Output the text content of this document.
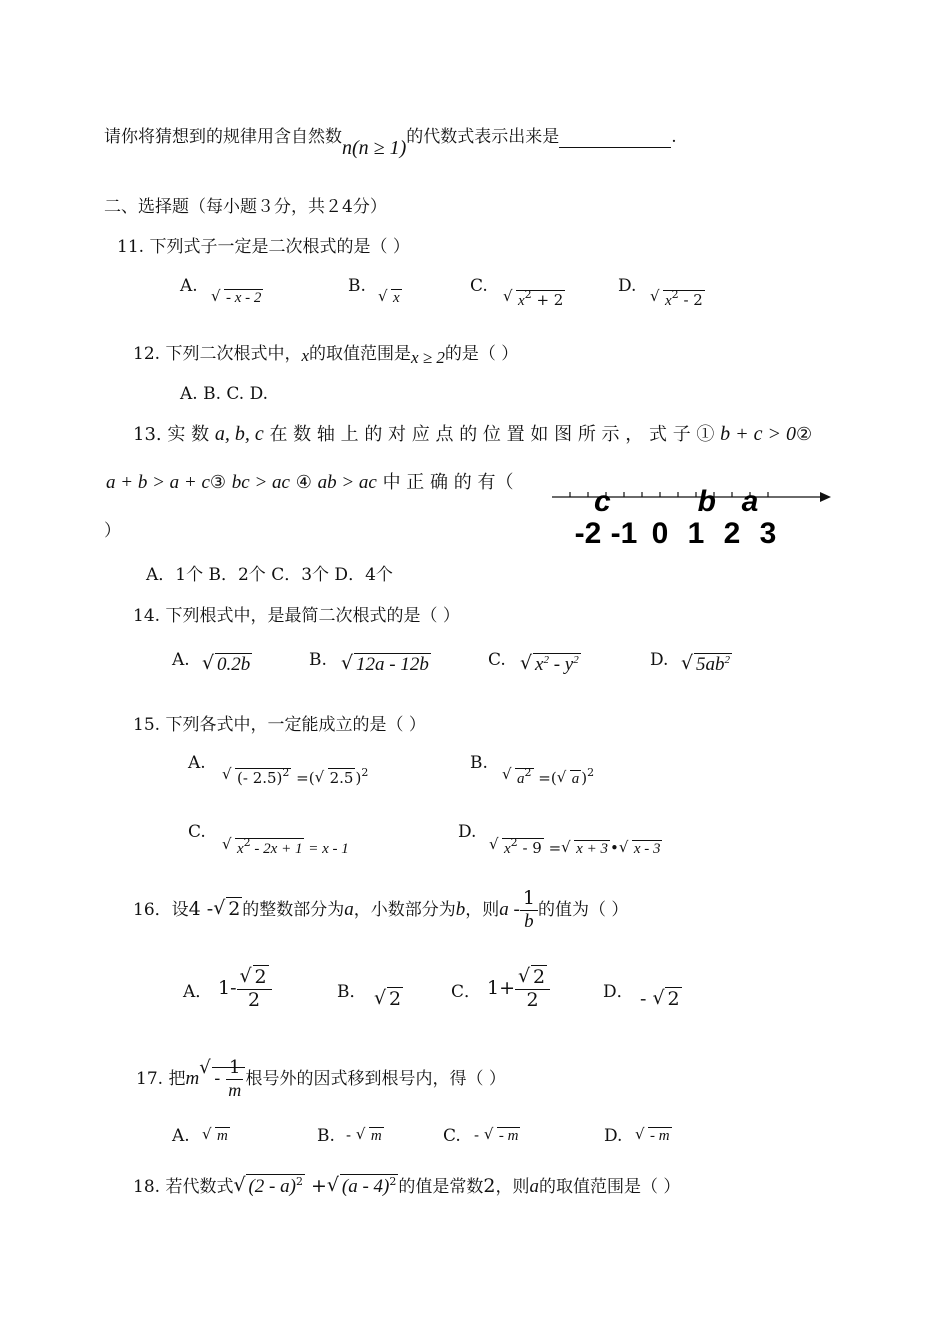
请你将猜想到的规律用含自然数n(n ≥ 1)的代数式表示出来是	.
二、选择题（每小题３分，共２4分）
11. 下列式子一定是二次根式的是（ ）
A.
√ - x - 2
B.
√ x
C.
√ $x^2 + 2$
D.
√ $x^2 - 2$
12. 下列二次根式中，x的取值范围是x ≥ 2的是（ ）
A. B. C. D.
13. 实 数 a, b, c 在 数 轴 上 的 对 应 点 的 位 置 如 图 所 示 ， 式 子 ① b + c > 0②
a + b > a + c③ bc > ac ④ ab > ac 中 正 确 的 有（
）	-2 -1 0 1 2 3
c	b a
A．1个 B．2个 C．3个 D．4个
14. 下列根式中，是最简二次根式的是（ ）
A.
√	0.2b	B.
√	12a - 12b	C.
√	$x^2 - y^2$	D.
√	$5ab^2$
15. 下列各式中，一定能成立的是（ ）
A.
√ (- 2.5)$^2$ =(√ 2.5 )$^2$	B.
√ $a^2$ =(√ a )$^2$
C.
√ $x^2 - 2x + 1 = x - 1$
D.
√ $x^2 - 9$ =√ x + 3 •√ x - 3
16．设4 -√ 2 的整数部分为a，小数部分为b，则a - $\frac{1}{b}$ 的值为（ ）
A． 1-
√ $\frac{2}{2}$	B．
√	2	C． 1+
√ $\frac{2}{2}$	D． - √ 2
17. 把$m√ - \frac{1}{m}$ 根号外的因式移到根号内，得（ ）
A.
√	m	B. - √ m	C. - √ - m	D.
√	- m
18. 若代数式√ (2 - a)$^2$ +√ (a - 4)$^2$ 的值是常数2，则a的取值范围是（ ）
